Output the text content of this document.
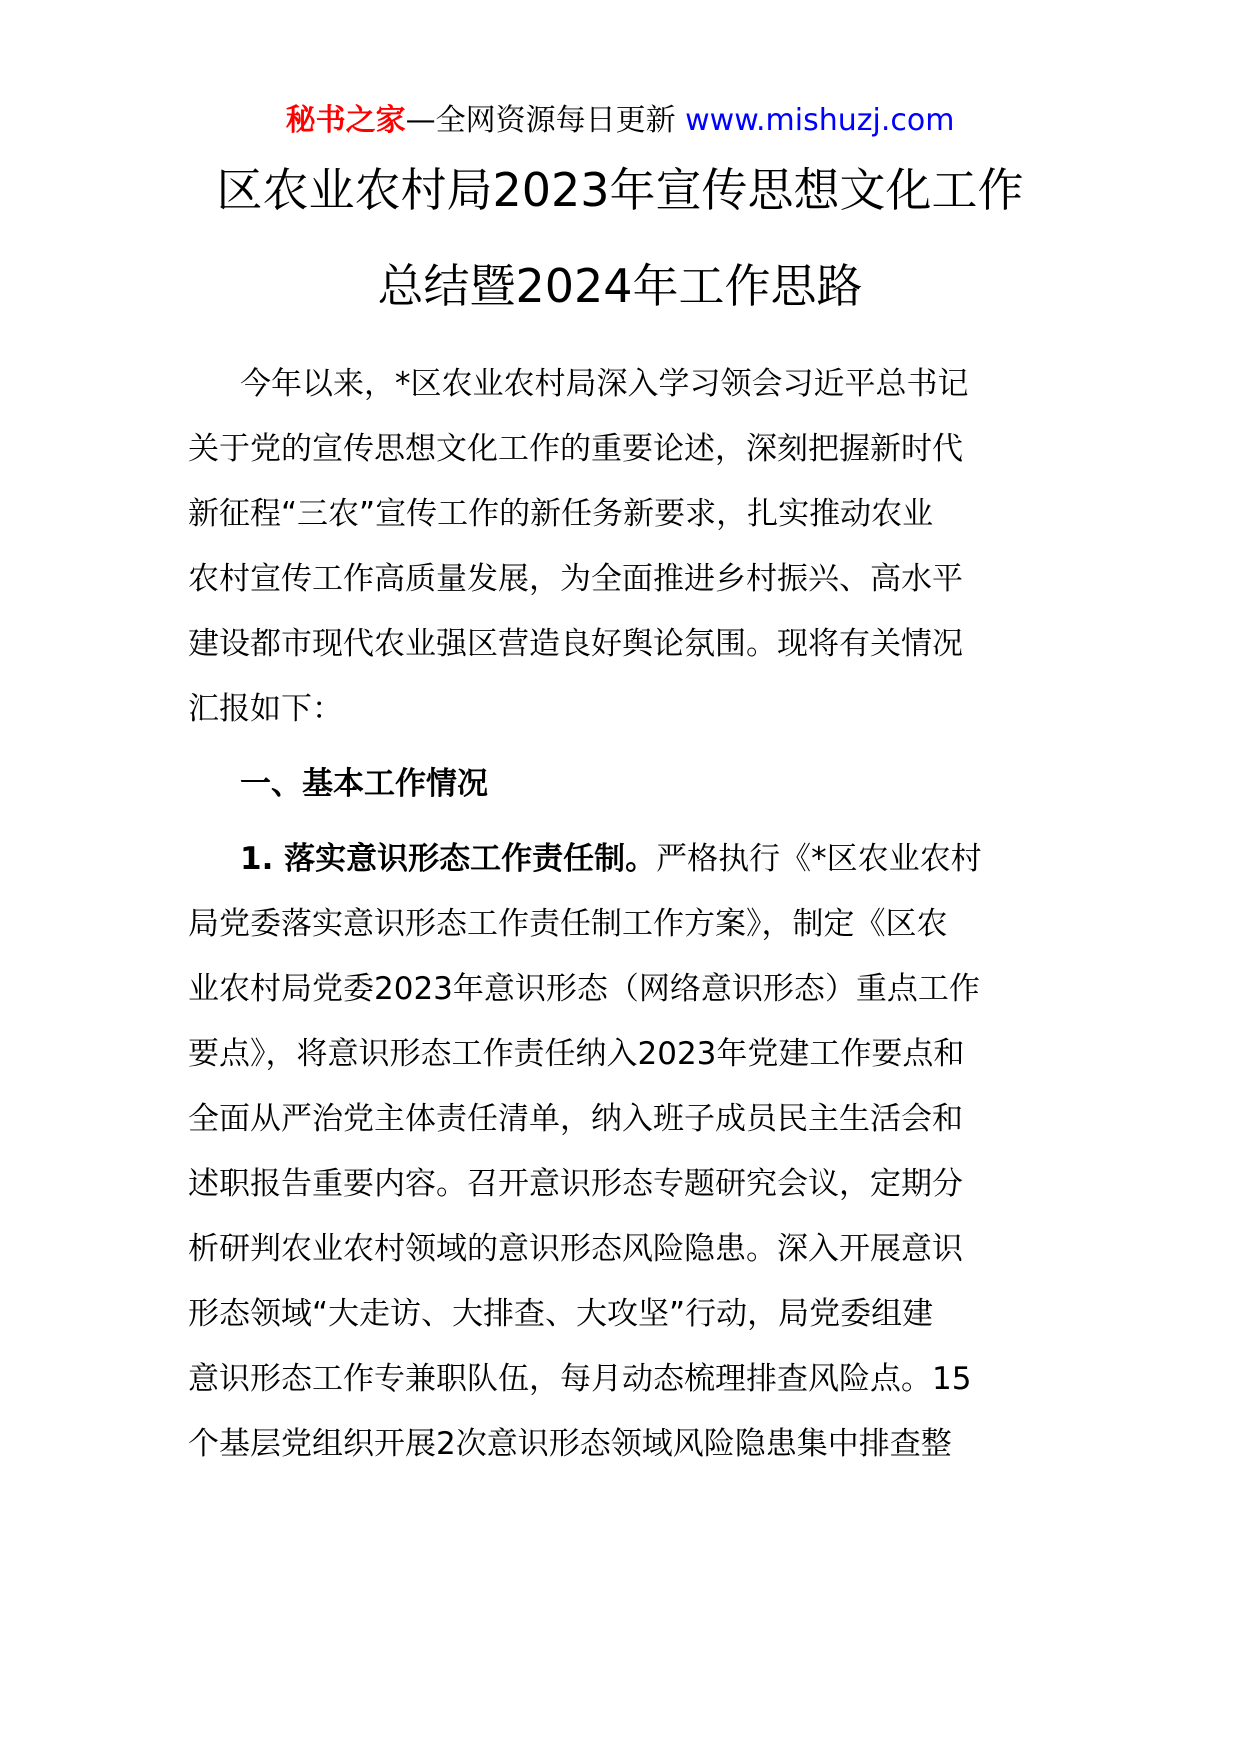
秘书之家—全网资源每日更新 www.mishuzj.com
区农业农村局2023年宣传思想文化工作
总结暨2024年工作思路
今年以来，*区农业农村局深入学习领会习近平总书记
关于党的宣传思想文化工作的重要论述，深刻把握新时代
新征程“三农”宣传工作的新任务新要求，扎实推动农业
农村宣传工作高质量发展，为全面推进乡村振兴、高水平
建设都市现代农业强区营造良好舆论氛围。现将有关情况
汇报如下：
一、基本工作情况
1. 落实意识形态工作责任制。严格执行《*区农业农村
局党委落实意识形态工作责任制工作方案》，制定《区农
业农村局党委2023年意识形态（网络意识形态）重点工作
要点》，将意识形态工作责任纳入2023年党建工作要点和
全面从严治党主体责任清单，纳入班子成员民主生活会和
述职报告重要内容。召开意识形态专题研究会议，定期分
析研判农业农村领域的意识形态风险隐患。深入开展意识
形态领域“大走访、大排查、大攻坚”行动，局党委组建
意识形态工作专兼职队伍，每月动态梳理排查风险点。15
个基层党组织开展2次意识形态领域风险隐患集中排查整
